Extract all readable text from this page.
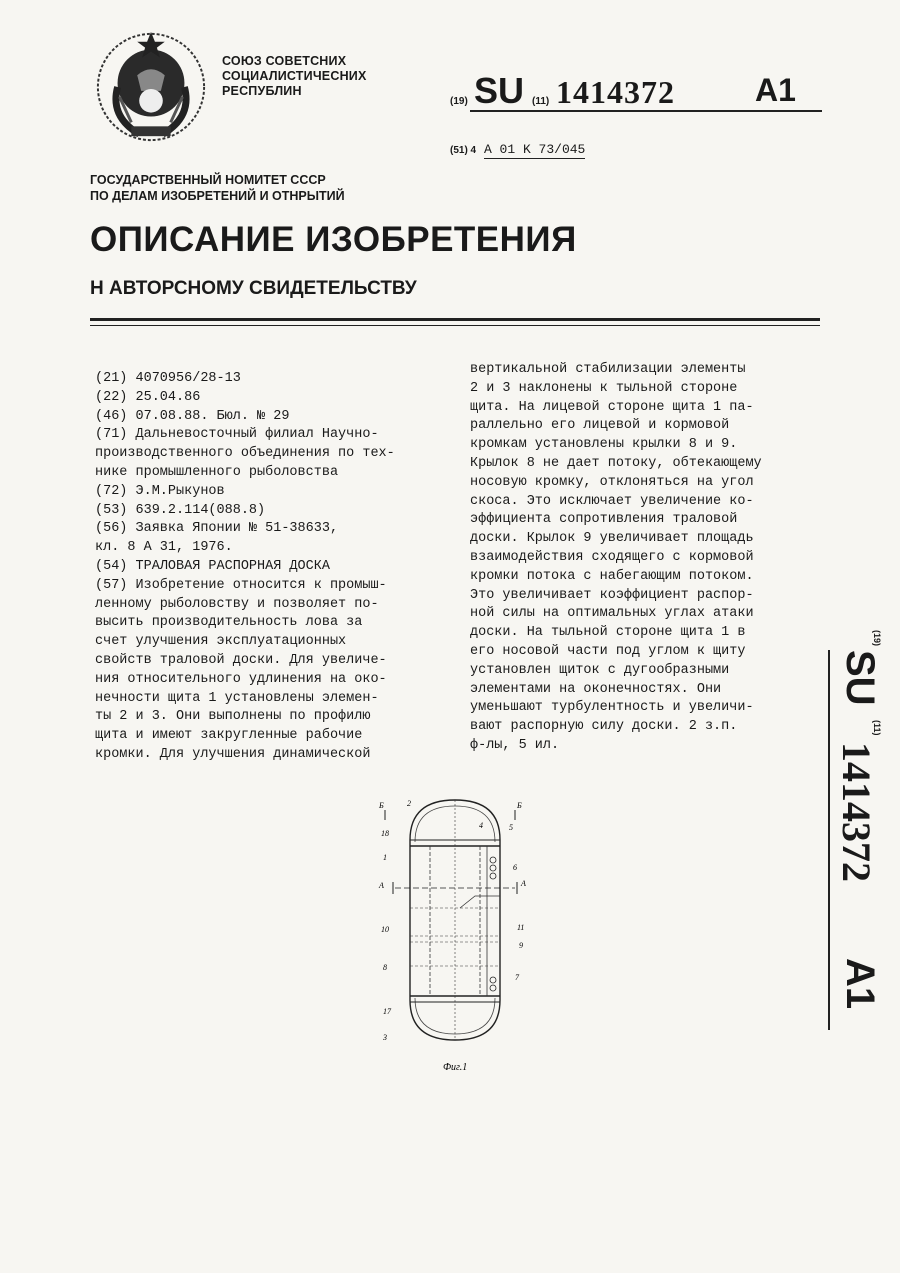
СОЮЗ СОВЕТСНИХ
СОЦИАЛИСТИЧЕСНИХ
РЕСПУБЛИН
(19) SU (11) 1414372	A1
(51) 4 A 01 K 73/045
ГОСУДАРСТВЕННЫЙ НОМИТЕТ СССР
ПО ДЕЛАМ ИЗОБРЕТЕНИЙ И ОТНРЫТИЙ
ОПИСАНИЕ ИЗОБРЕТЕНИЯ
Н АВТОРСНОМУ СВИДЕТЕЛЬСТВУ

(21) 4070956/28-13

(22) 25.04.86

(46) 07.08.88. Бюл. № 29

(71) Дальневосточный филиал Научно-

производственного объединения по тех-

нике промышленного рыболовства

(72) Э.М.Рыкунов

(53) 639.2.114(088.8)

(56) Заявка Японии № 51-38633,

кл. 8 А 31, 1976.

(54) ТРАЛОВАЯ РАСПОРНАЯ ДОСКА

(57) Изобретение относится к промыш-

ленному рыболовству и позволяет по-

высить производительность лова за

счет улучшения эксплуатационных

свойств траловой доски. Для увеличе-

ния относительного удлинения на око-

нечности щита 1 установлены элемен-

ты 2 и 3. Они выполнены по профилю

щита и имеют закругленные рабочие

кромки. Для улучшения динамической

вертикальной стабилизации элементы

2 и 3 наклонены к тыльной стороне

щита. На лицевой стороне щита 1 па-

раллельно его лицевой и кормовой

кромкам установлены крылки 8 и 9.

Крылок 8 не дает потоку, обтекающему

носовую кромку, отклоняться на угол

скоса. Это исключает увеличение ко-

эффициента сопротивления траловой

доски. Крылок 9 увеличивает площадь

взаимодействия сходящего с кормовой

кромки потока с набегающим потоком.

Это увеличивает коэффициент распор-

ной силы на оптимальных углах атаки

доски. На тыльной стороне щита 1 в

его носовой части под углом к щиту

установлен щиток с дугообразными

элементами на оконечностях. Они

уменьшают турбулентность и увеличи-

вают распорную силу доски. 2 з.п.

ф-лы, 5 ил.

(19)
SU
(11)
1414372
A1
Б	2	Б
18
4	5
1
6
А	А
10	11
8
9
7
17
3
Фиг.1
